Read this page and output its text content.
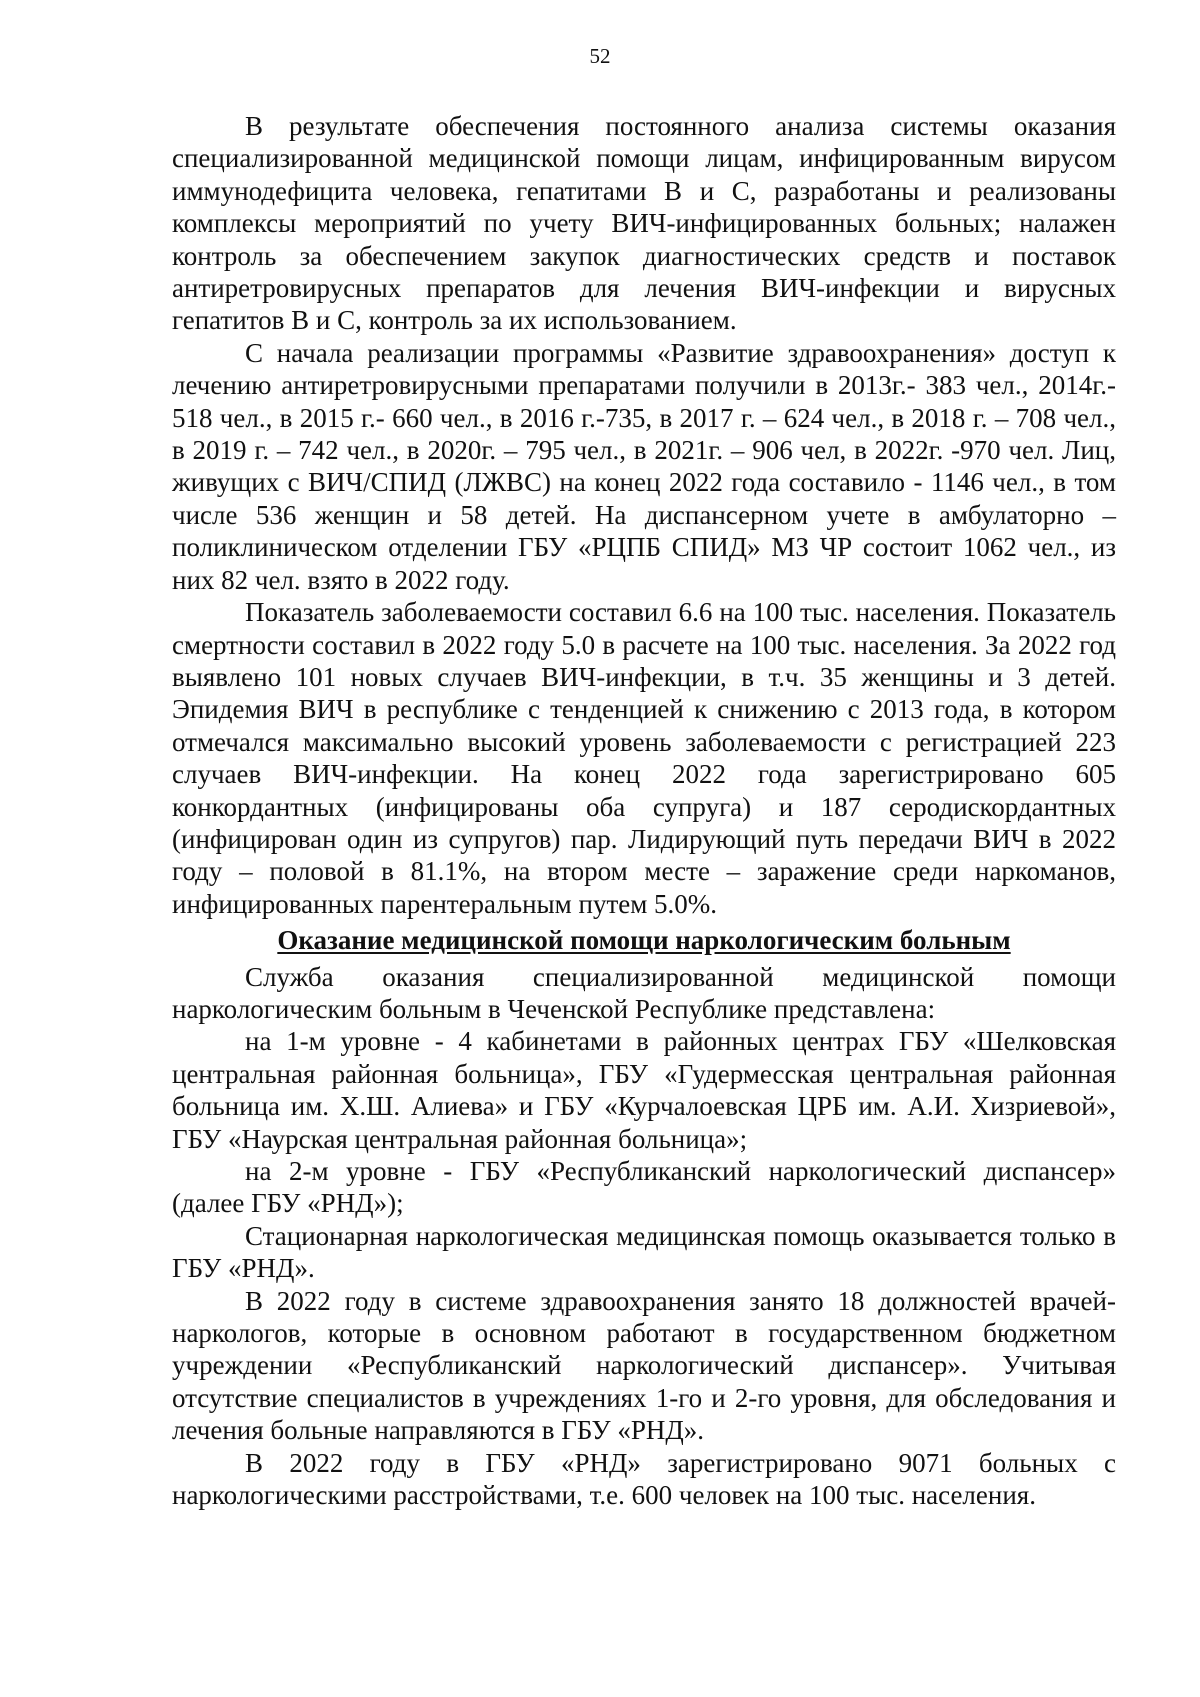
52

В результате обеспечения постоянного анализа системы оказания специализированной медицинской помощи лицам, инфицированным вирусом иммунодефицита человека, гепатитами В и С, разработаны и реализованы комплексы мероприятий по учету ВИЧ-инфицированных больных; налажен контроль за обеспечением закупок диагностических средств и поставок антиретровирусных препаратов для лечения ВИЧ-инфекции и вирусных гепатитов В и С, контроль за их использованием.

С начала реализации программы «Развитие здравоохранения» доступ к лечению антиретровирусными препаратами получили в 2013г.- 383 чел., 2014г.- 518 чел., в 2015 г.- 660 чел., в 2016 г.-735, в 2017 г. – 624 чел., в 2018 г. – 708 чел., в 2019 г. – 742 чел., в 2020г. – 795 чел., в 2021г. – 906 чел, в 2022г. -970 чел. Лиц, живущих с ВИЧ/СПИД (ЛЖВС) на конец 2022 года составило - 1146 чел., в том числе 536 женщин и 58 детей. На диспансерном учете в амбулаторно – поликлиническом отделении ГБУ «РЦПБ СПИД» МЗ ЧР состоит 1062 чел., из них 82 чел. взято в 2022 году.

Показатель заболеваемости составил 6.6 на 100 тыс. населения. Показатель смертности составил в 2022 году 5.0 в расчете на 100 тыс. населения. За 2022 год выявлено 101 новых случаев ВИЧ-инфекции, в т.ч. 35 женщины и 3 детей. Эпидемия ВИЧ в республике с тенденцией к снижению с 2013 года, в котором отмечался максимально высокий уровень заболеваемости с регистрацией 223 случаев ВИЧ-инфекции. На конец 2022 года зарегистрировано 605 конкордантных (инфицированы оба супруга) и 187 серодискордантных (инфицирован один из супругов) пар. Лидирующий путь передачи ВИЧ в 2022 году – половой в 81.1%, на втором месте – заражение среди наркоманов, инфицированных парентеральным путем 5.0%.

Оказание медицинской помощи наркологическим больным

Служба оказания специализированной медицинской помощи наркологическим больным в Чеченской Республике представлена:

на 1-м уровне - 4 кабинетами в районных центрах ГБУ «Шелковская центральная районная больница», ГБУ «Гудермесская центральная районная больница им. Х.Ш. Алиева» и ГБУ «Курчалоевская ЦРБ им. А.И. Хизриевой», ГБУ «Наурская центральная районная больница»;

на 2-м уровне - ГБУ «Республиканский наркологический диспансер» (далее ГБУ «РНД»);

Стационарная наркологическая медицинская помощь оказывается только в ГБУ «РНД».

В 2022 году в системе здравоохранения занято 18 должностей врачей-наркологов, которые в основном работают в государственном бюджетном учреждении «Республиканский наркологический диспансер». Учитывая отсутствие специалистов в учреждениях 1-го и 2-го уровня, для обследования и лечения больные направляются в ГБУ «РНД».

В 2022 году в ГБУ «РНД» зарегистрировано 9071 больных с наркологическими расстройствами, т.е. 600 человек на 100 тыс. населения.
